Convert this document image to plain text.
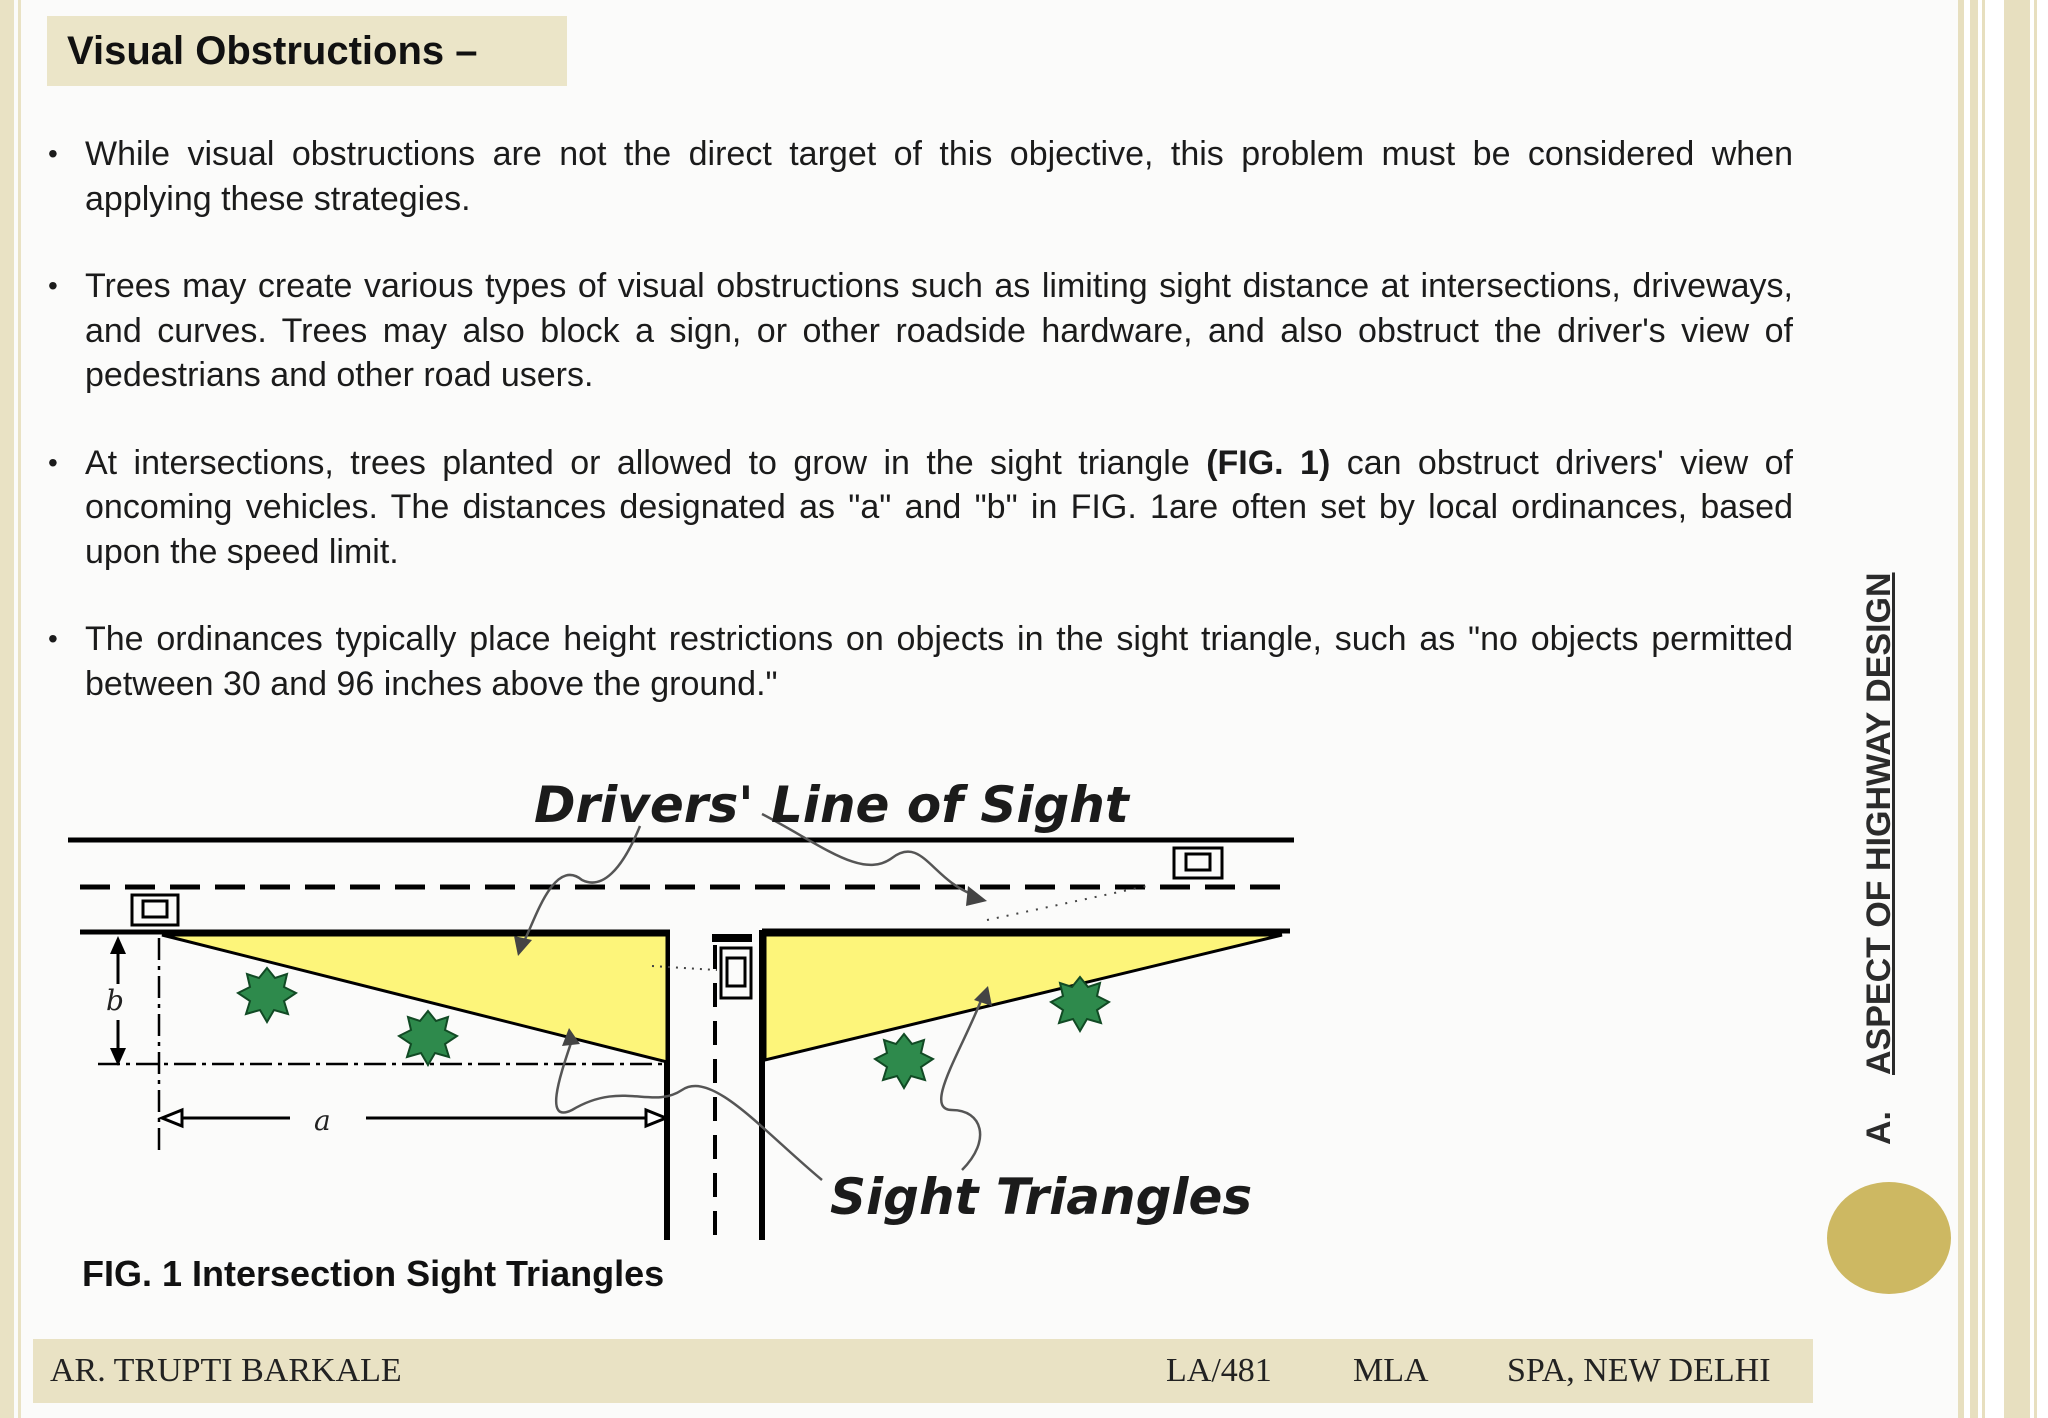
Visual Obstructions –
• While visual obstructions are not the direct target of this objective, this problem must be considered when applying these strategies.
• Trees may create various types of visual obstructions such as limiting sight distance at intersections, driveways, and curves. Trees may also block a sign, or other roadside hardware, and also obstruct the driver's view of pedestrians and other road users.
• At intersections, trees planted or allowed to grow in the sight triangle (FIG. 1) can obstruct drivers' view of oncoming vehicles. The distances designated as "a" and "b" in FIG. 1are often set by local ordinances, based upon the speed limit.
• The ordinances typically place height restrictions on objects in the sight triangle, such as "no objects permitted between 30 and 96 inches above the ground."
a
b
Drivers' Line of Sight
Sight Triangles
FIG. 1 Intersection Sight Triangles
A.ASPECT OF HIGHWAY DESIGN
AR. TRUPTI BARKALE	LA/481 MLA SPA, NEW DELHI
